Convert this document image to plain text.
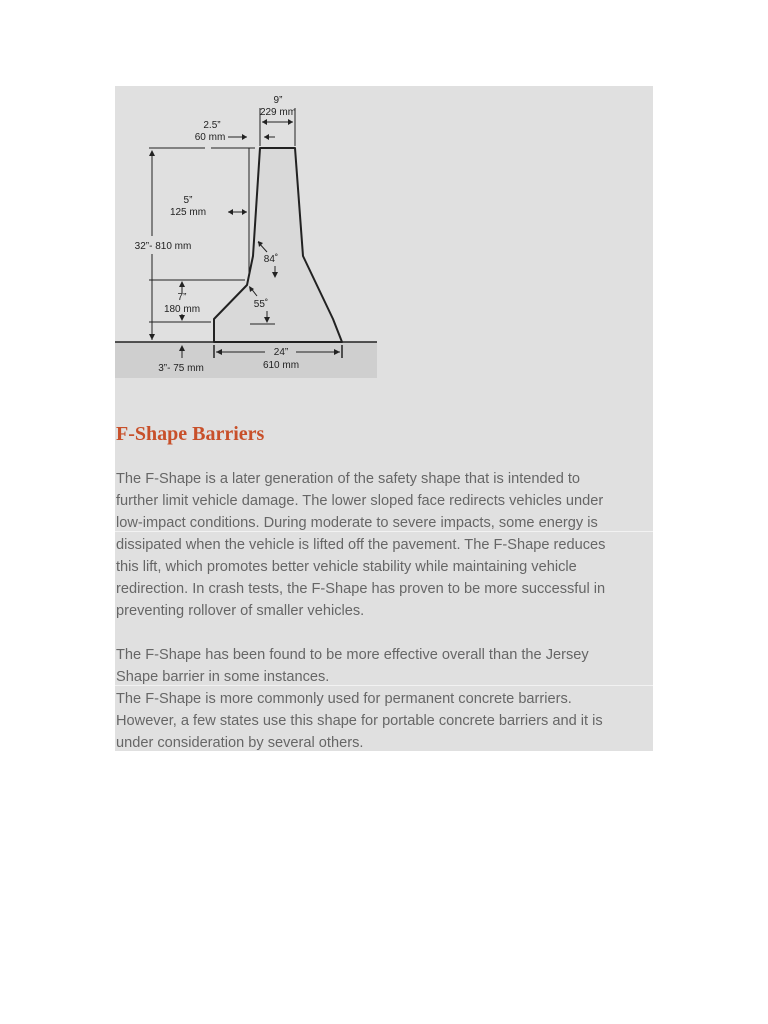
9”
229 mm
2.5”
60 mm
5”
125 mm
32”- 810 mm
84˚
7”
180 mm	55˚
24”
610 mm
3”- 75 mm
F-Shape Barriers

The F-Shape is a later generation of the safety shape that is intended to
further limit vehicle damage. The lower sloped face redirects vehicles under
low-impact conditions. During moderate to severe impacts, some energy is
dissipated when the vehicle is lifted off the pavement. The F-Shape reduces
this lift, which promotes better vehicle stability while maintaining vehicle
redirection. In crash tests, the F-Shape has proven to be more successful in
preventing rollover of smaller vehicles.

The F-Shape has been found to be more effective overall than the Jersey
Shape barrier in some instances.

The F-Shape is more commonly used for permanent concrete barriers.
However, a few states use this shape for portable concrete barriers and it is
under consideration by several others.
